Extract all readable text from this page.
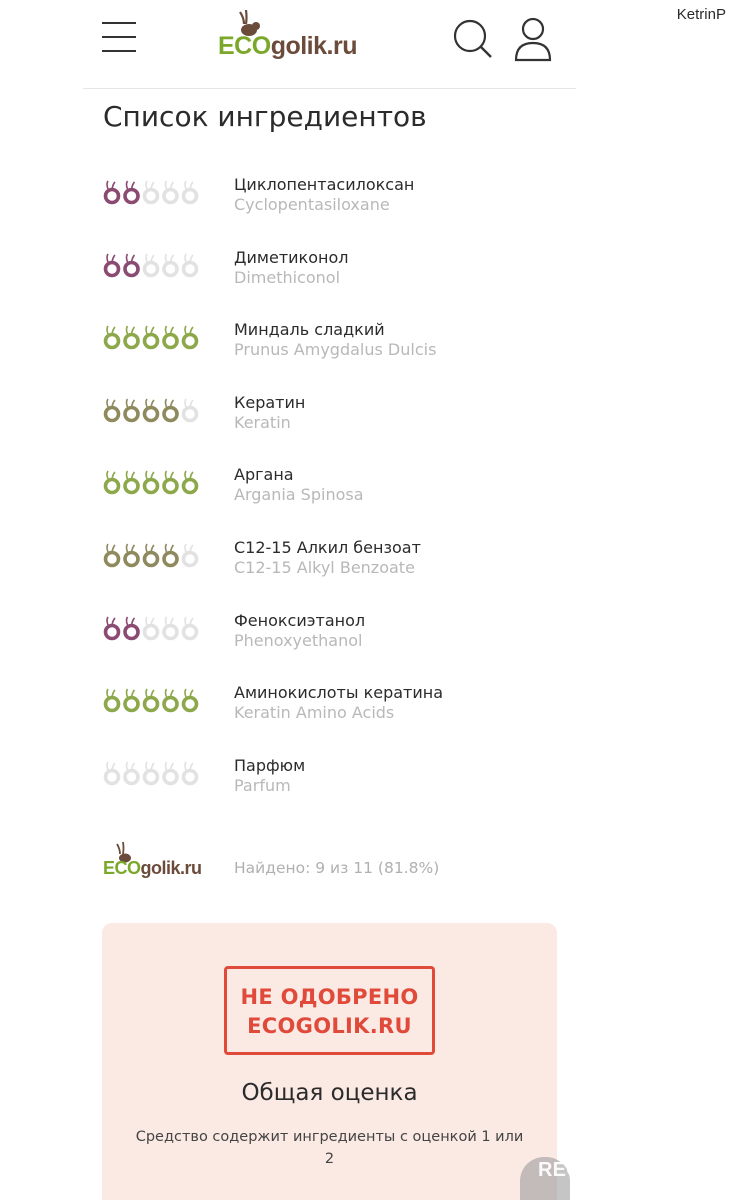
KetrinP
ECOgolik.ru
Список ингредиентов
Циклопентасилоксан
Cyclopentasiloxane
Диметиконол
Dimethiconol
Миндаль сладкий
Prunus Amygdalus Dulcis
Кератин
Keratin
Аргана
Argania Spinosa
C12-15 Алкил бензоат
C12-15 Alkyl Benzoate
Феноксиэтанол
Phenoxyethanol
Аминокислоты кератина
Keratin Amino Acids
Парфюм
Parfum
ECOgolik.ru Найдено: 9 из 11 (81.8%)
НЕ ОДОБРЕНО
ECOGOLIK.RU
Общая оценка
Средство содержит ингредиенты с оценкой 1 или 2	RECOMMEND.RU
